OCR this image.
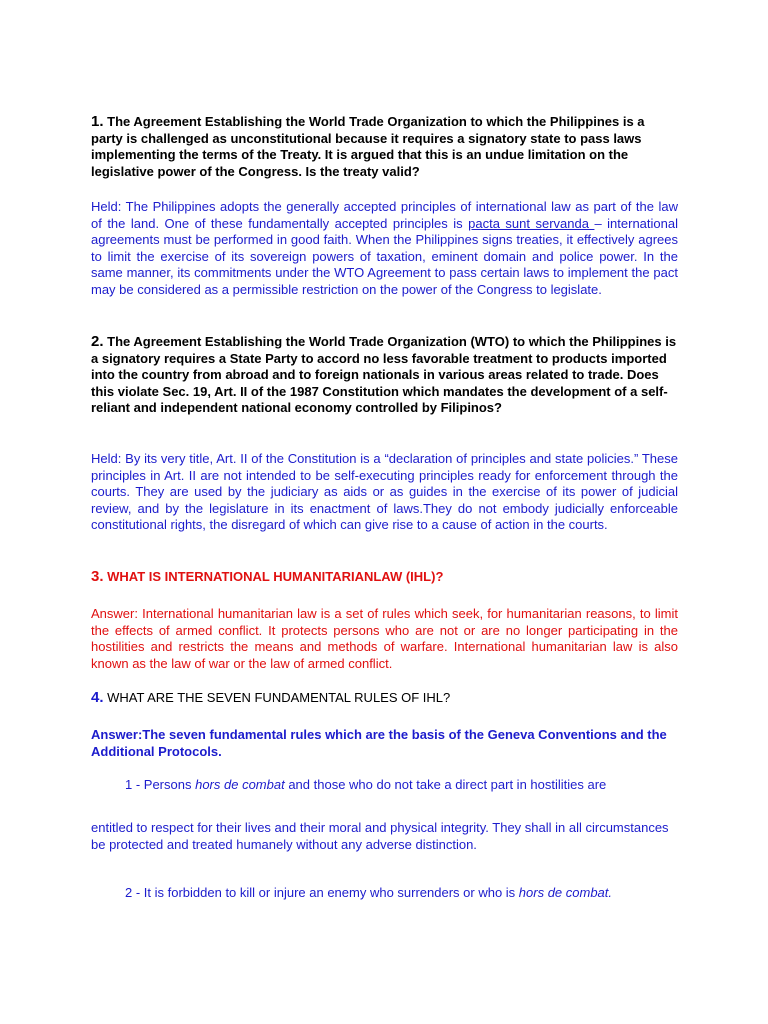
1. The Agreement Establishing the World Trade Organization to which the Philippines is a party is challenged as unconstitutional because it requires a signatory state to pass laws implementing the terms of the Treaty. It is argued that this is an undue limitation on the legislative power of the Congress. Is the treaty valid?

Held: The Philippines adopts the generally accepted principles of international law as part of the law of the land. One of these fundamentally accepted principles is pacta sunt servanda – international agreements must be performed in good faith. When the Philippines signs treaties, it effectively agrees to limit the exercise of its sovereign powers of taxation, eminent domain and police power. In the same manner, its commitments under the WTO Agreement to pass certain laws to implement the pact may be considered as a permissible restriction on the power of the Congress to legislate.

2. The Agreement Establishing the World Trade Organization (WTO) to which the Philippines is a signatory requires a State Party to accord no less favorable treatment to products imported into the country from abroad and to foreign nationals in various areas related to trade. Does this violate Sec. 19, Art. II of the 1987 Constitution which mandates the development of a self-reliant and independent national economy controlled by Filipinos?

Held: By its very title, Art. II of the Constitution is a “declaration of principles and state policies.” These principles in Art. II are not intended to be self-executing principles ready for enforcement through the courts. They are used by the judiciary as aids or as guides in the exercise of its power of judicial review, and by the legislature in its enactment of laws.They do not embody judicially enforceable constitutional rights, the disregard of which can give rise to a cause of action in the courts.

3. WHAT IS INTERNATIONAL HUMANITARIANLAW (IHL)?

Answer: International humanitarian law is a set of rules which seek, for humanitarian reasons, to limit the effects of armed conflict. It protects persons who are not or are no longer participating in the hostilities and restricts the means and methods of warfare. International humanitarian law is also known as the law of war or the law of armed conflict.

4. WHAT ARE THE SEVEN FUNDAMENTAL RULES OF IHL?

Answer:The seven fundamental rules which are the basis of the Geneva Conventions and the Additional Protocols.

1 - Persons hors de combat and those who do not take a direct part in hostilities are

entitled to respect for their lives and their moral and physical integrity. They shall in all circumstances be protected and treated humanely without any adverse distinction.

2 - It is forbidden to kill or injure an enemy who surrenders or who is hors de combat.
